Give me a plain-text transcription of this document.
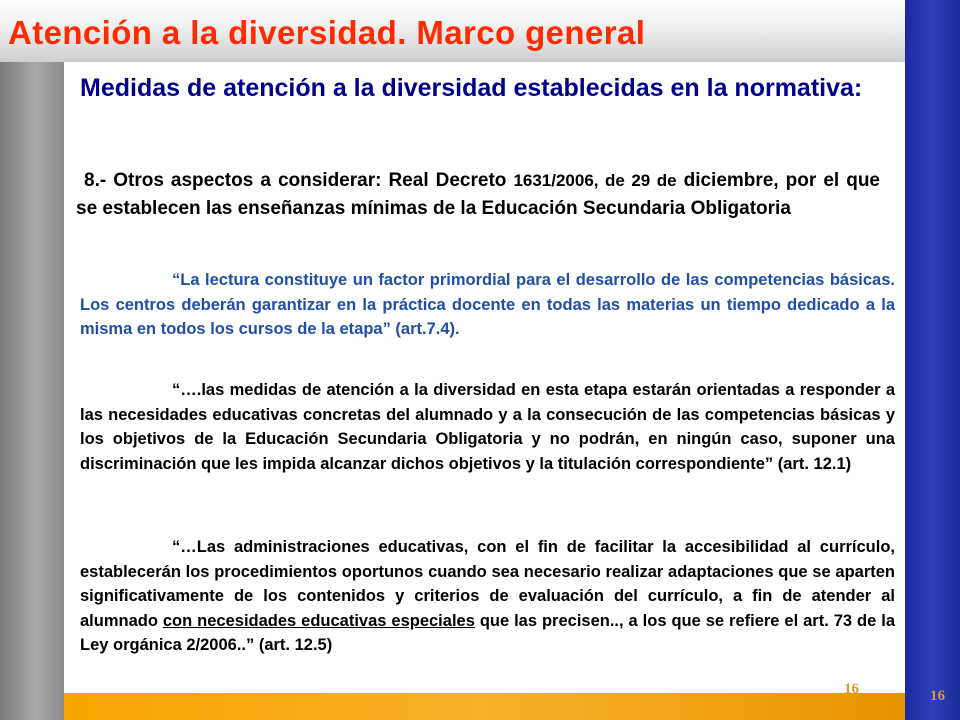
Atención a la diversidad. Marco general

Medidas de atención a la diversidad establecidas en la normativa:

8.- Otros aspectos a considerar: Real Decreto 1631/2006, de 29 de diciembre, por el que se establecen las enseñanzas mínimas de la Educación Secundaria Obligatoria

“La lectura constituye un factor primordial para el desarrollo de las competencias básicas. Los centros deberán garantizar en la práctica docente en todas las materias un tiempo dedicado a la misma en todos los cursos de la etapa” (art.7.4).

“….las medidas de atención a la diversidad en esta etapa estarán orientadas a responder a las necesidades educativas concretas del alumnado y a la consecución de las competencias básicas y los objetivos de la Educación Secundaria Obligatoria y no podrán, en ningún caso, suponer una discriminación que les impida alcanzar dichos objetivos y la titulación correspondiente” (art. 12.1)

“…Las administraciones educativas, con el fin de facilitar la accesibilidad al currículo, establecerán los procedimientos oportunos cuando sea necesario realizar adaptaciones que se aparten significativamente de los contenidos y criterios de evaluación del currículo, a fin de atender al alumnado con necesidades educativas especiales que las precisen.., a los que se refiere el art. 73 de la Ley orgánica 2/2006..” (art. 12.5)

16	16
